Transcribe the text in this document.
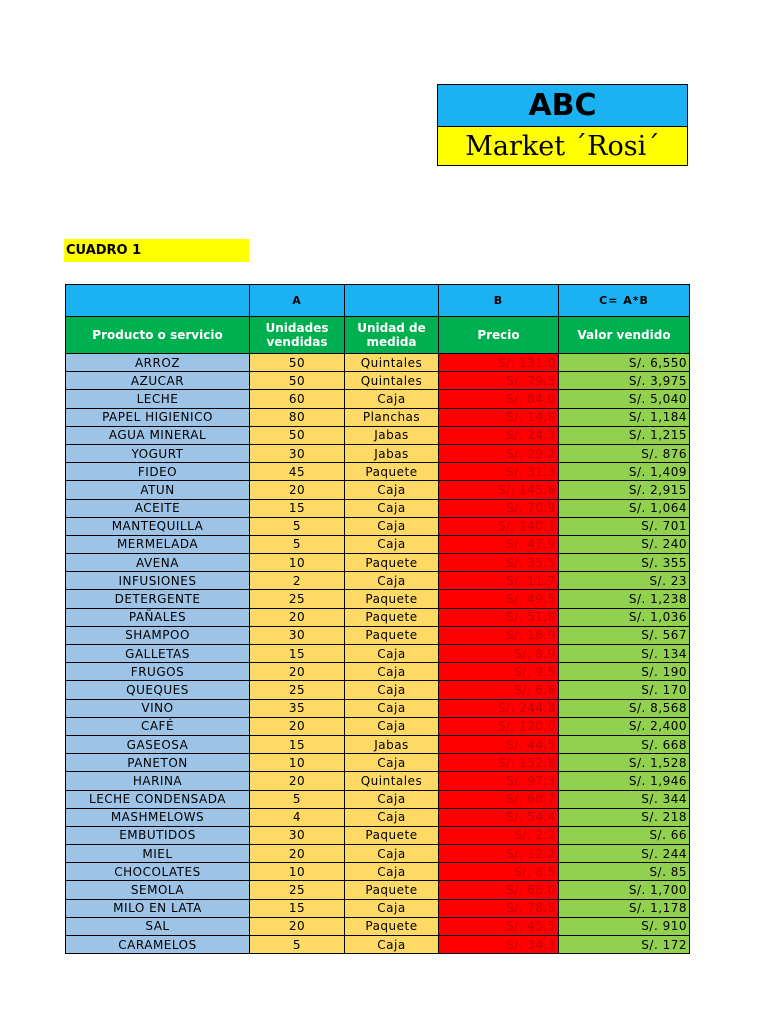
ABC
Market ´Rosi´
CUADRO 1
	A		B	C= A*B
Producto o servicio	Unidades vendidas	Unidad de medida	Precio	Valor vendido
ARROZ	50	Quintales	S/. 131.0	S/. 6,550
AZUCAR	50	Quintales	S/. 79.5	S/. 3,975
LECHE	60	Caja	S/. 84.0	S/. 5,040
PAPEL HIGIENICO	80	Planchas	S/. 14.8	S/. 1,184
AGUA MINERAL	50	Jabas	S/. 24.3	S/. 1,215
YOGURT	30	Jabas	S/. 29.2	S/. 876
FIDEO	45	Paquete	S/. 31.3	S/. 1,409
ATUN	20	Caja	S/. 145.8	S/. 2,915
ACEITE	15	Caja	S/. 70.9	S/. 1,064
MANTEQUILLA	5	Caja	S/. 140.1	S/. 701
MERMELADA	5	Caja	S/. 47.9	S/. 240
AVENA	10	Paquete	S/. 35.5	S/. 355
INFUSIONES	2	Caja	S/. 11.7	S/. 23
DETERGENTE	25	Paquete	S/. 49.5	S/. 1,238
PAÑALES	20	Paquete	S/. 51.8	S/. 1,036
SHAMPOO	30	Paquete	S/. 18.9	S/. 567
GALLETAS	15	Caja	S/. 8.9	S/. 134
FRUGOS	20	Caja	S/. 9.5	S/. 190
QUEQUES	25	Caja	S/. 6.8	S/. 170
VINO	35	Caja	S/. 244.8	S/. 8,568
CAFÉ	20	Caja	S/. 120.0	S/. 2,400
GASEOSA	15	Jabas	S/. 44.5	S/. 668
PANETON	10	Caja	S/. 152.8	S/. 1,528
HARINA	20	Quintales	S/. 97.3	S/. 1,946
LECHE CONDENSADA	5	Caja	S/. 68.7	S/. 344
MASHMELOWS	4	Caja	S/. 54.4	S/. 218
EMBUTIDOS	30	Paquete	S/. 2.2	S/. 66
MIEL	20	Caja	S/. 12.2	S/. 244
CHOCOLATES	10	Caja	S/. 8.5	S/. 85
SEMOLA	25	Paquete	S/. 68.0	S/. 1,700
MILO EN LATA	15	Caja	S/. 78.5	S/. 1,178
SAL	20	Paquete	S/. 45.5	S/. 910
CARAMELOS	5	Caja	S/. 34.3	S/. 172
